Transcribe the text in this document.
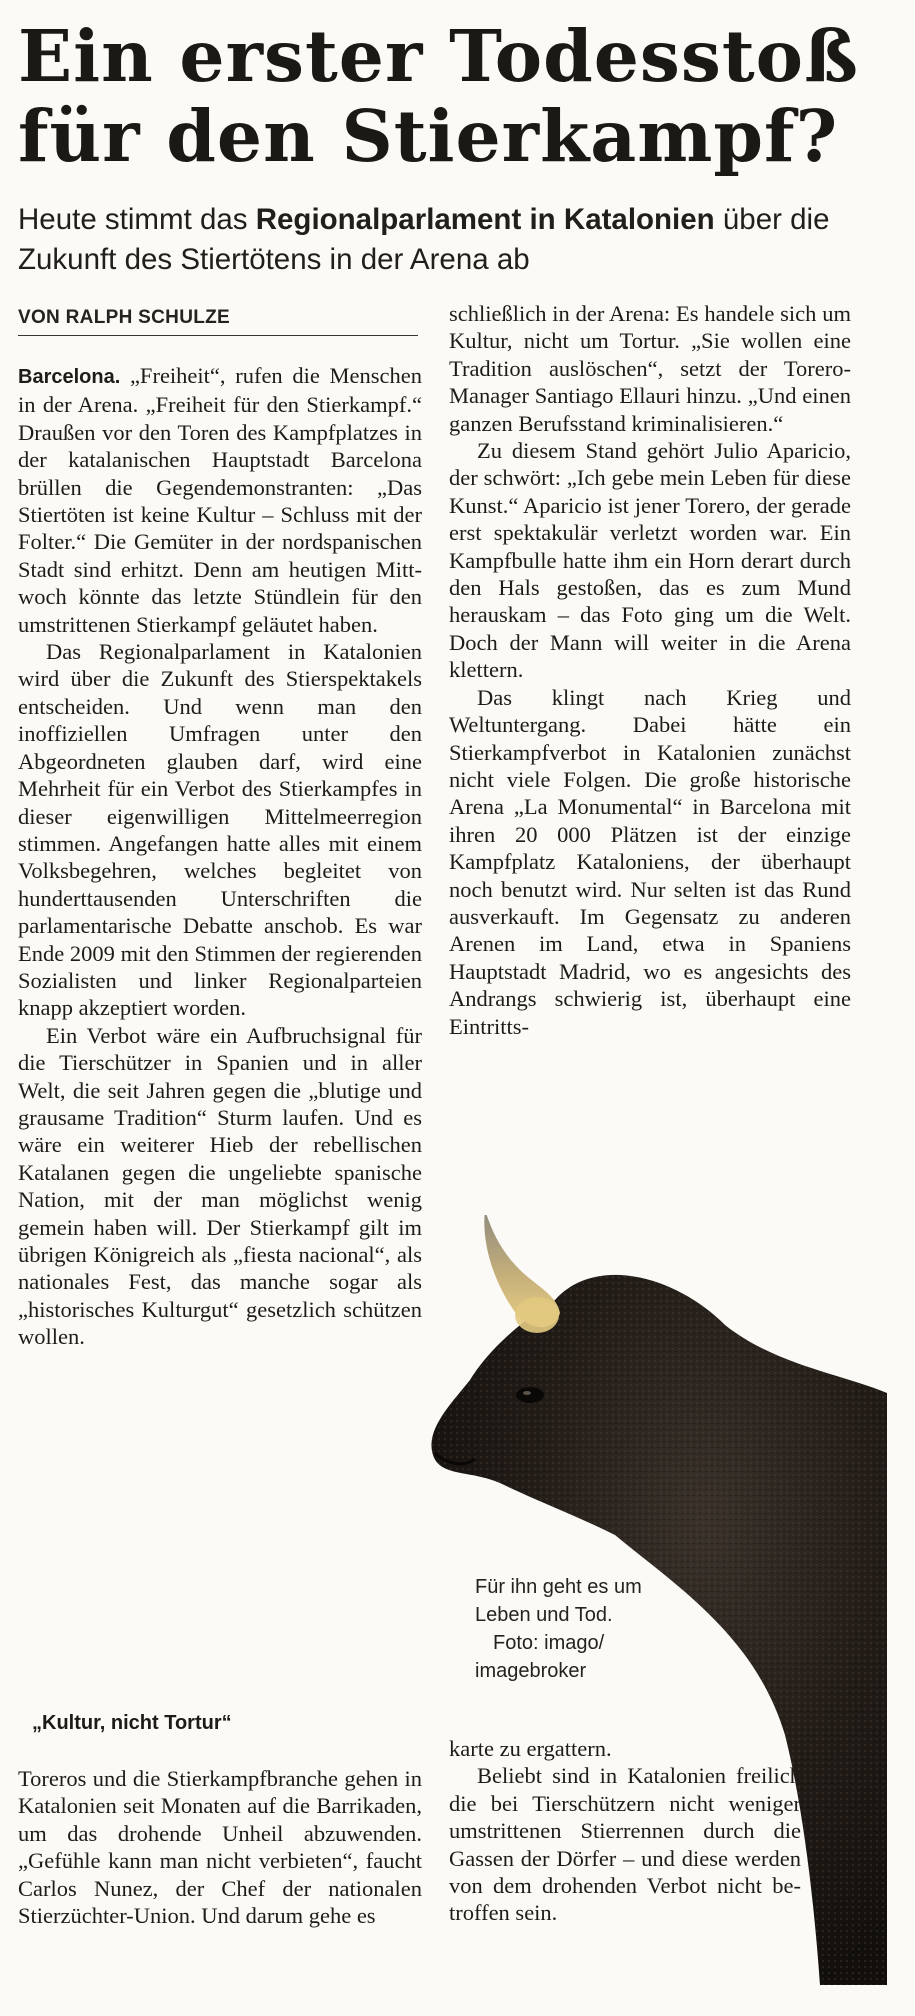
Ein erster Todesstoß für den Stierkampf?
Heute stimmt das Regionalparlament in Katalonien über die Zukunft des Stiertötens in der Arena ab
VON RALPH SCHULZE

Barcelona. „Freiheit“, rufen die Menschen in der Arena. „Freiheit für den Stierkampf.“ Draußen vor den Toren des Kampfplatzes in der katalanischen Hauptstadt Barcelona brüllen die Gegendemonstranten: „Das Stiertöten ist keine Kultur – Schluss mit der Folter.“ Die Gemüter in der nordspanischen Stadt sind erhitzt. Denn am heutigen Mittwoch könnte das letzte Stündlein für den umstrittenen Stierkampf geläutet haben.

Das Regionalparlament in Katalonien wird über die Zukunft des Stierspektakels entscheiden. Und wenn man den inoffiziellen Umfragen unter den Abgeordneten glauben darf, wird eine Mehrheit für ein Verbot des Stierkampfes in dieser eigenwilligen Mittelmeerregion stimmen. Angefangen hatte alles mit einem Volksbegehren, welches begleitet von hunderttausenden Unterschriften die parlamentarische Debatte anschob. Es war Ende 2009 mit den Stimmen der regierenden Sozialisten und linker Regionalparteien knapp akzeptiert worden.

Ein Verbot wäre ein Aufbruchsignal für die Tierschützer in Spanien und in aller Welt, die seit Jahren gegen die „blutige und grausame Tradition“ Sturm laufen. Und es wäre ein weiterer Hieb der rebellischen Katalanen gegen die ungeliebte spanische Nation, mit der man möglichst wenig gemein haben will. Der Stierkampf gilt im übrigen Königreich als „fiesta nacional“, als nationales Fest, das manche sogar als „historisches Kulturgut“ gesetzlich schützen wollen.

„Kultur, nicht Tortur“

Toreros und die Stierkampfbranche gehen in Katalonien seit Monaten auf die Barrikaden, um das drohende Unheil abzuwenden. „Gefühle kann man nicht verbieten“, faucht Carlos Nunez, der Chef der nationalen Stierzüchter-Union. Und darum gehe es

schließlich in der Arena: Es handele sich um Kultur, nicht um Tortur. „Sie wollen eine Tradition auslöschen“, setzt der Torero-Manager Santiago Ellauri hinzu. „Und einen ganzen Berufsstand kriminalisieren.“

Zu diesem Stand gehört Julio Aparicio, der schwört: „Ich gebe mein Leben für diese Kunst.“ Aparicio ist jener Torero, der gerade erst spektakulär verletzt worden war. Ein Kampfbulle hatte ihm ein Horn derart durch den Hals gestoßen, das es zum Mund herauskam – das Foto ging um die Welt. Doch der Mann will weiter in die Arena klettern.

Das klingt nach Krieg und Weltuntergang. Dabei hätte ein Stierkampfverbot in Katalonien zunächst nicht viele Folgen. Die große historische Arena „La Monumental“ in Barcelona mit ihren 20 000 Plätzen ist der einzige Kampfplatz Kataloniens, der überhaupt noch benutzt wird. Nur selten ist das Rund ausverkauft. Im Gegensatz zu anderen Arenen im Land, etwa in Spaniens Hauptstadt Madrid, wo es angesichts des Andrangs schwierig ist, überhaupt eine Eintritts-

Für ihn geht es um Leben und Tod.
Foto: imago/
imagebroker

karte zu ergattern.

Beliebt sind in Katalonien freilich die bei Tierschützern nicht weniger umstrittenen Stierrennen durch die Gassen der Dörfer – und diese werden von dem drohenden Verbot nicht betroffen sein.
